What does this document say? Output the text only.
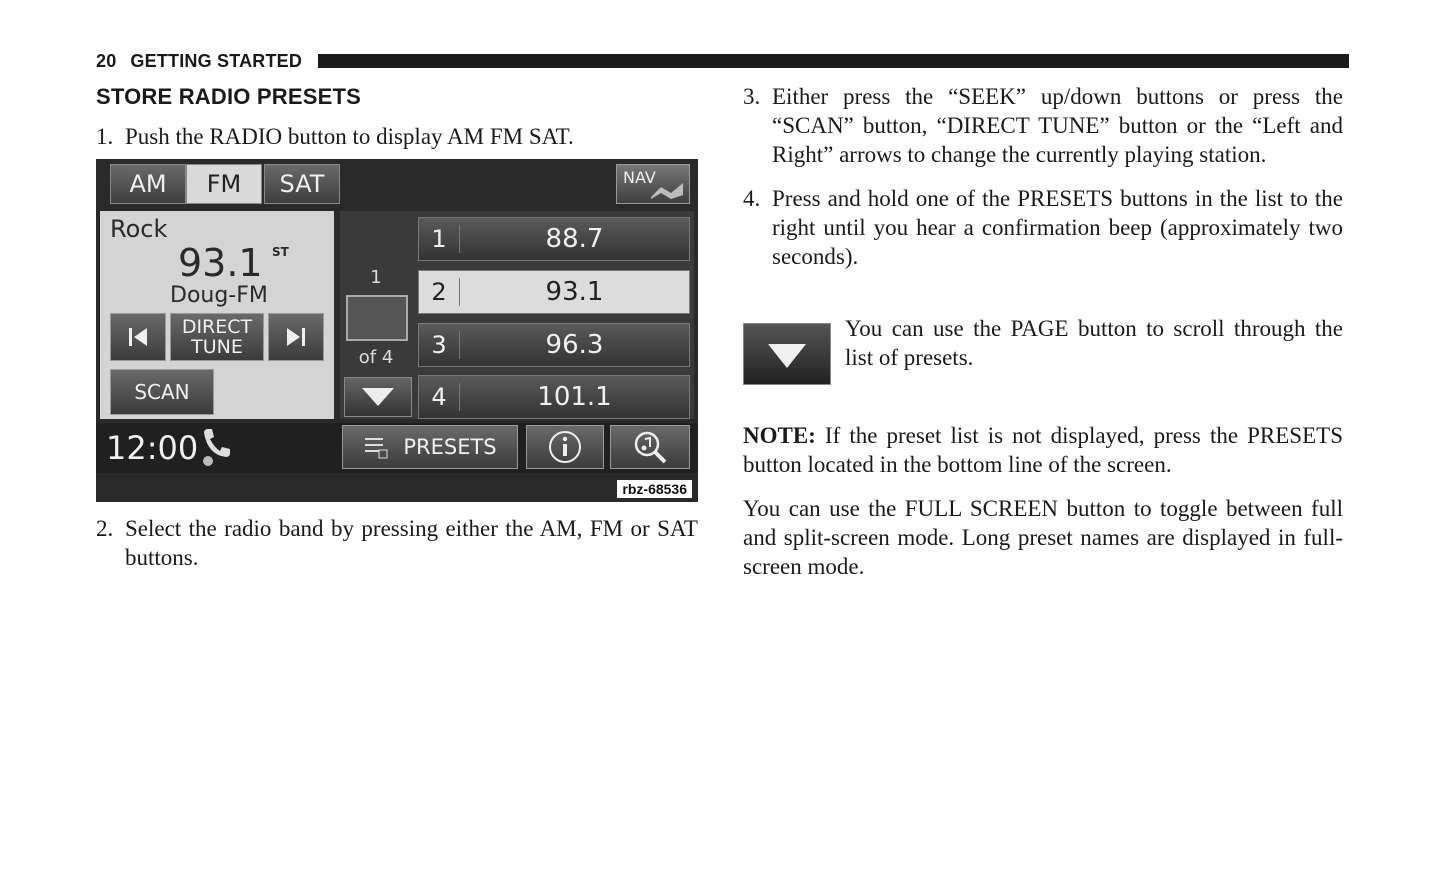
20 GETTING STARTED
STORE RADIO PRESETS
1. Push the RADIO button to display AM FM SAT.
AM	FM	SAT	NAV
Rock
93.1 ST
Doug-FM
DIRECT TUNE
SCAN
1
of 4
1	88.7
2	93.1
3	96.3
4	101.1
12:00	PRESETS
rbz-68536
2. Select the radio band by pressing either the AM, FM or SAT buttons.
3. Either press the “SEEK” up/down buttons or press the “SCAN” button, “DIRECT TUNE” button or the “Left and Right” arrows to change the currently playing station.
4. Press and hold one of the PRESETS buttons in the list to the right until you hear a confirmation beep (approximately two seconds).

You can use the PAGE button to scroll through the list of presets.

NOTE: If the preset list is not displayed, press the PRESETS button located in the bottom line of the screen.

You can use the FULL SCREEN button to toggle between full and split-screen mode. Long preset names are displayed in full-screen mode.
